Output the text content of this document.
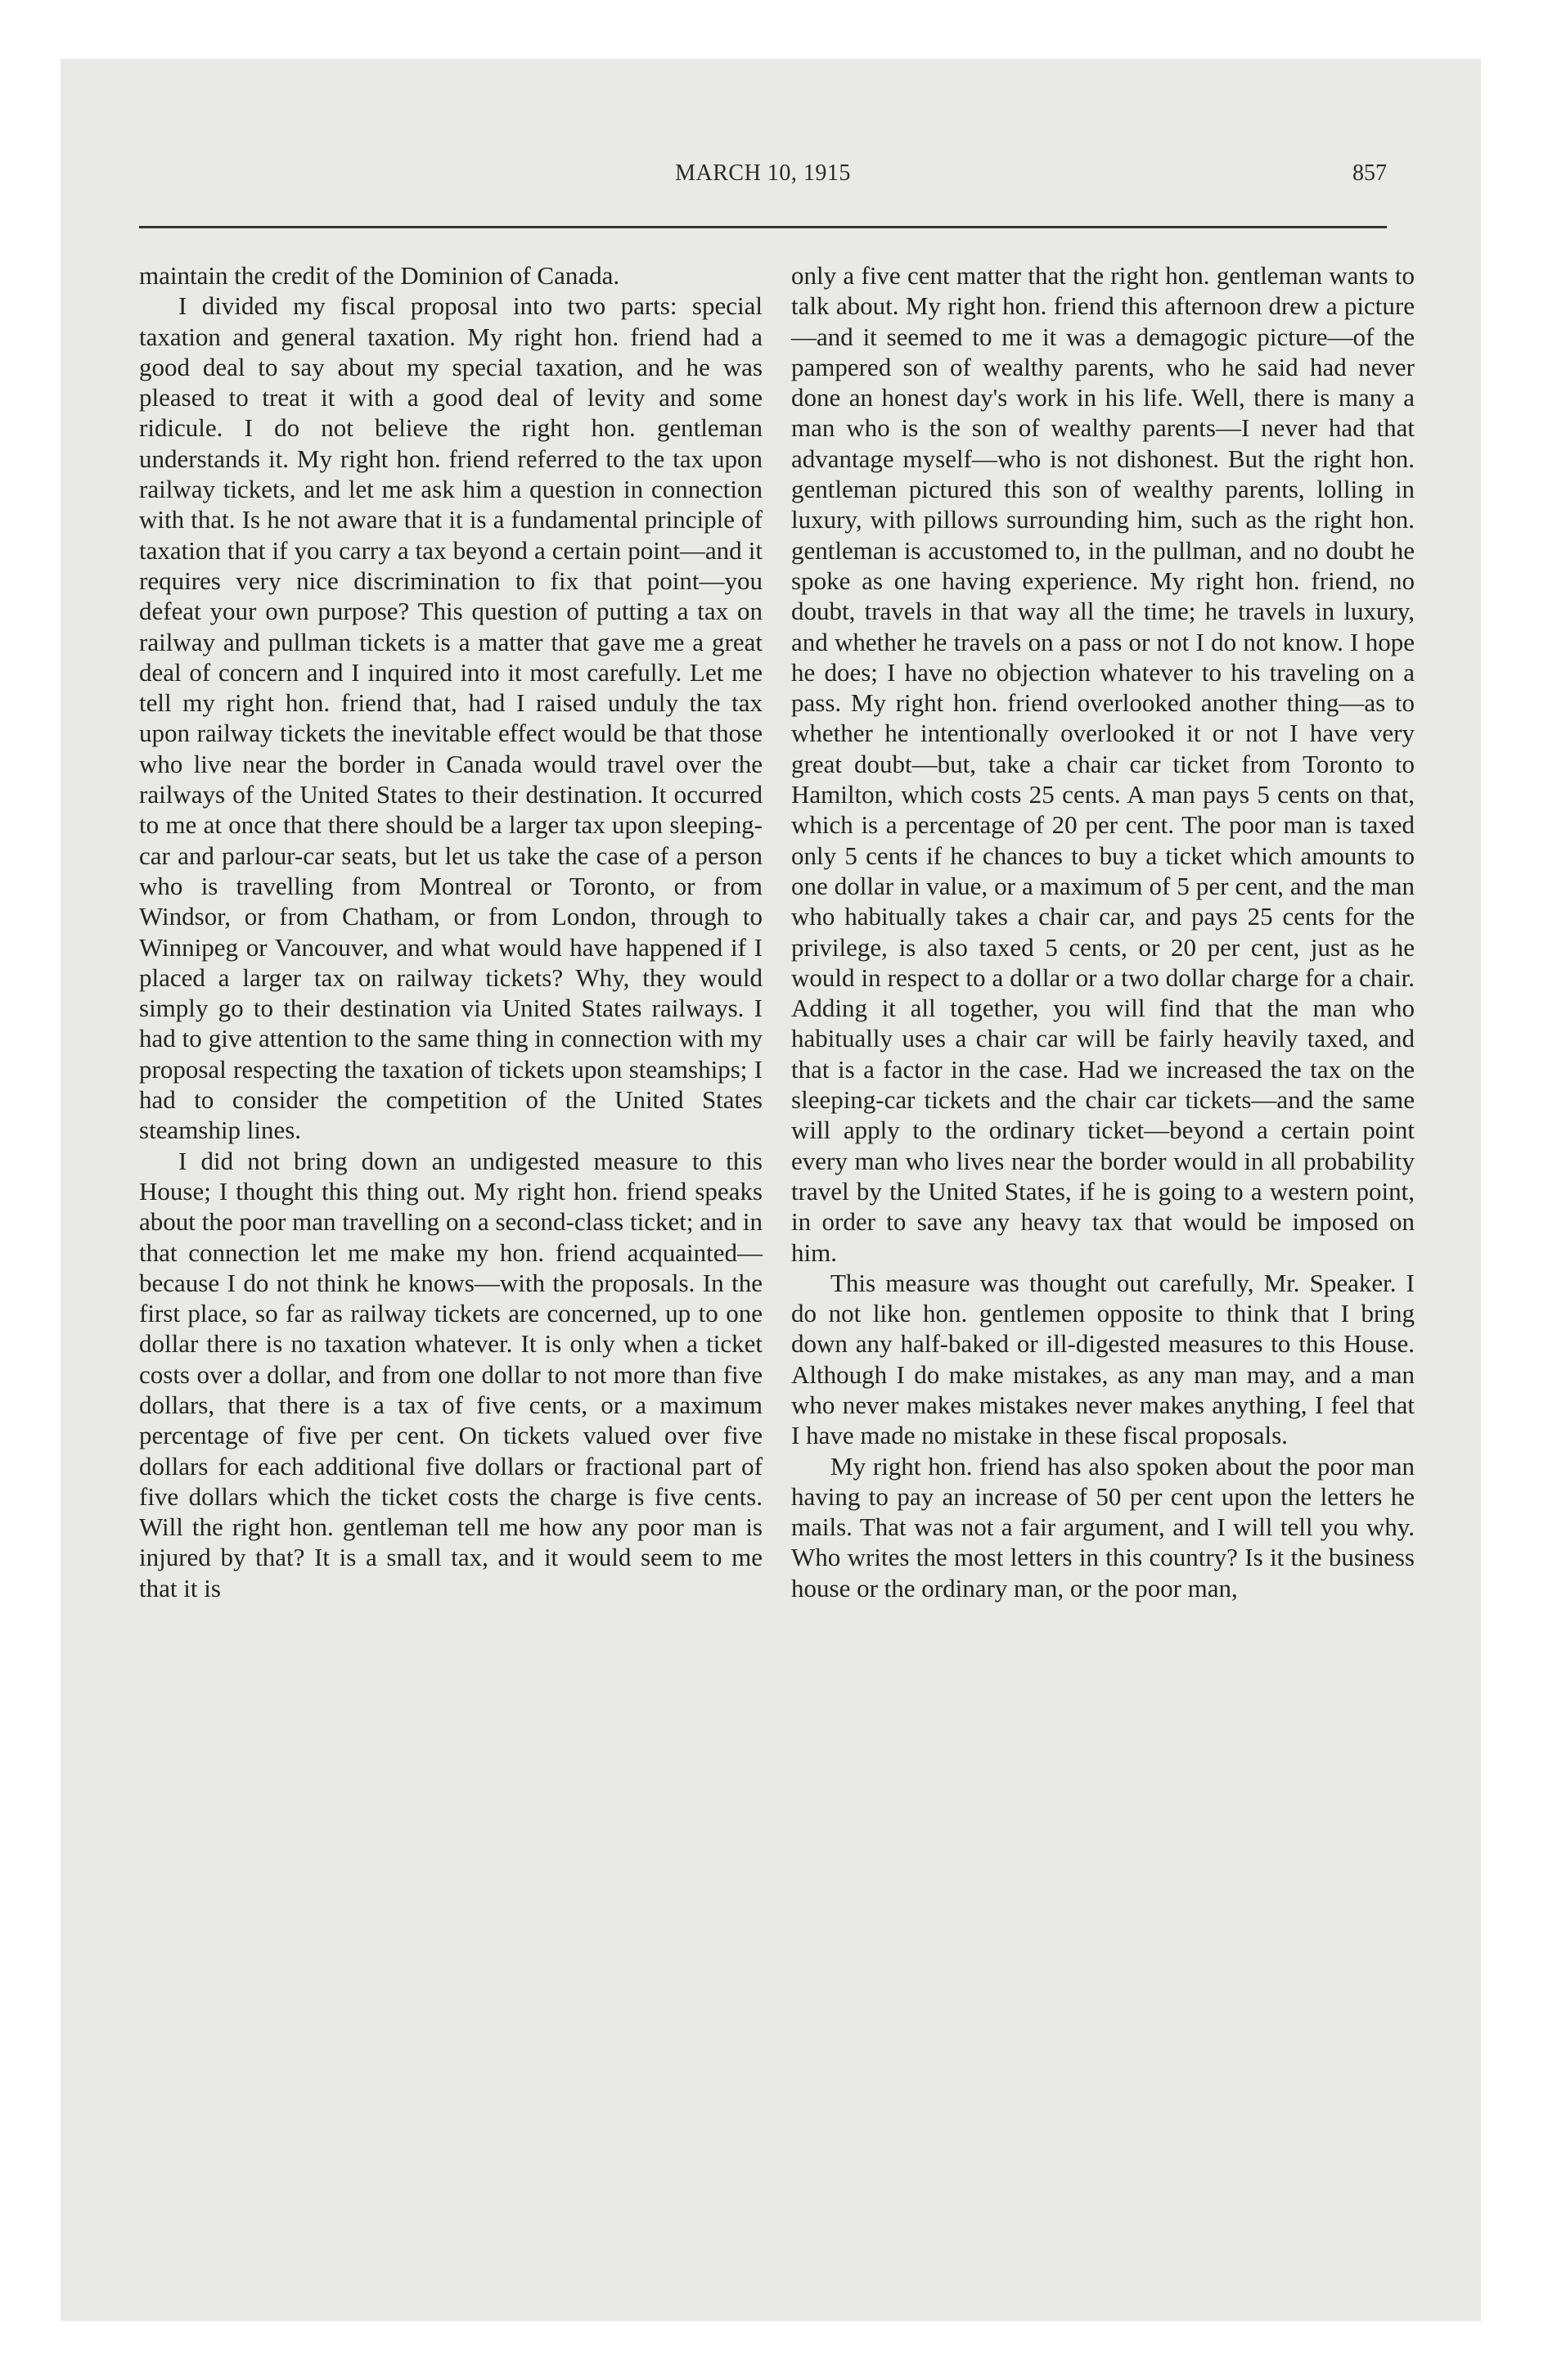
MARCH 10, 1915	857

maintain the credit of the Dominion of Canada.

I divided my fiscal proposal into two parts: special taxation and general taxation. My right hon. friend had a good deal to say about my special taxation, and he was pleased to treat it with a good deal of levity and some ridicule. I do not believe the right hon. gentleman understands it. My right hon. friend referred to the tax upon railway tickets, and let me ask him a question in connection with that. Is he not aware that it is a fundamental principle of taxation that if you carry a tax beyond a certain point—and it requires very nice discrimination to fix that point—you defeat your own purpose? This question of putting a tax on railway and pullman tickets is a matter that gave me a great deal of concern and I inquired into it most carefully. Let me tell my right hon. friend that, had I raised unduly the tax upon railway tickets the inevitable effect would be that those who live near the border in Canada would travel over the railways of the United States to their destination. It occurred to me at once that there should be a larger tax upon sleeping-car and parlour-car seats, but let us take the case of a person who is travelling from Montreal or Toronto, or from Windsor, or from Chatham, or from London, through to Winnipeg or Vancouver, and what would have happened if I placed a larger tax on railway tickets? Why, they would simply go to their destination via United States railways. I had to give attention to the same thing in connection with my proposal respecting the taxation of tickets upon steamships; I had to consider the competition of the United States steamship lines.

I did not bring down an undigested measure to this House; I thought this thing out. My right hon. friend speaks about the poor man travelling on a second-class ticket; and in that connection let me make my hon. friend acquainted—because I do not think he knows—with the proposals. In the first place, so far as railway tickets are concerned, up to one dollar there is no taxation whatever. It is only when a ticket costs over a dollar, and from one dollar to not more than five dollars, that there is a tax of five cents, or a maximum percentage of five per cent. On tickets valued over five dollars for each additional five dollars or fractional part of five dollars which the ticket costs the charge is five cents. Will the right hon. gentleman tell me how any poor man is injured by that? It is a small tax, and it would seem to me that it is

only a five cent matter that the right hon. gentleman wants to talk about. My right hon. friend this afternoon drew a picture—and it seemed to me it was a demagogic picture—of the pampered son of wealthy parents, who he said had never done an honest day's work in his life. Well, there is many a man who is the son of wealthy parents—I never had that advantage myself—who is not dishonest. But the right hon. gentleman pictured this son of wealthy parents, lolling in luxury, with pillows surrounding him, such as the right hon. gentleman is accustomed to, in the pullman, and no doubt he spoke as one having experience. My right hon. friend, no doubt, travels in that way all the time; he travels in luxury, and whether he travels on a pass or not I do not know. I hope he does; I have no objection whatever to his traveling on a pass. My right hon. friend overlooked another thing—as to whether he intentionally overlooked it or not I have very great doubt—but, take a chair car ticket from Toronto to Hamilton, which costs 25 cents. A man pays 5 cents on that, which is a percentage of 20 per cent. The poor man is taxed only 5 cents if he chances to buy a ticket which amounts to one dollar in value, or a maximum of 5 per cent, and the man who habitually takes a chair car, and pays 25 cents for the privilege, is also taxed 5 cents, or 20 per cent, just as he would in respect to a dollar or a two dollar charge for a chair. Adding it all together, you will find that the man who habitually uses a chair car will be fairly heavily taxed, and that is a factor in the case. Had we increased the tax on the sleeping-car tickets and the chair car tickets—and the same will apply to the ordinary ticket—beyond a certain point every man who lives near the border would in all probability travel by the United States, if he is going to a western point, in order to save any heavy tax that would be imposed on him.

This measure was thought out carefully, Mr. Speaker. I do not like hon. gentlemen opposite to think that I bring down any half-baked or ill-digested measures to this House. Although I do make mistakes, as any man may, and a man who never makes mistakes never makes anything, I feel that I have made no mistake in these fiscal proposals.

My right hon. friend has also spoken about the poor man having to pay an increase of 50 per cent upon the letters he mails. That was not a fair argument, and I will tell you why. Who writes the most letters in this country? Is it the business house or the ordinary man, or the poor man,
